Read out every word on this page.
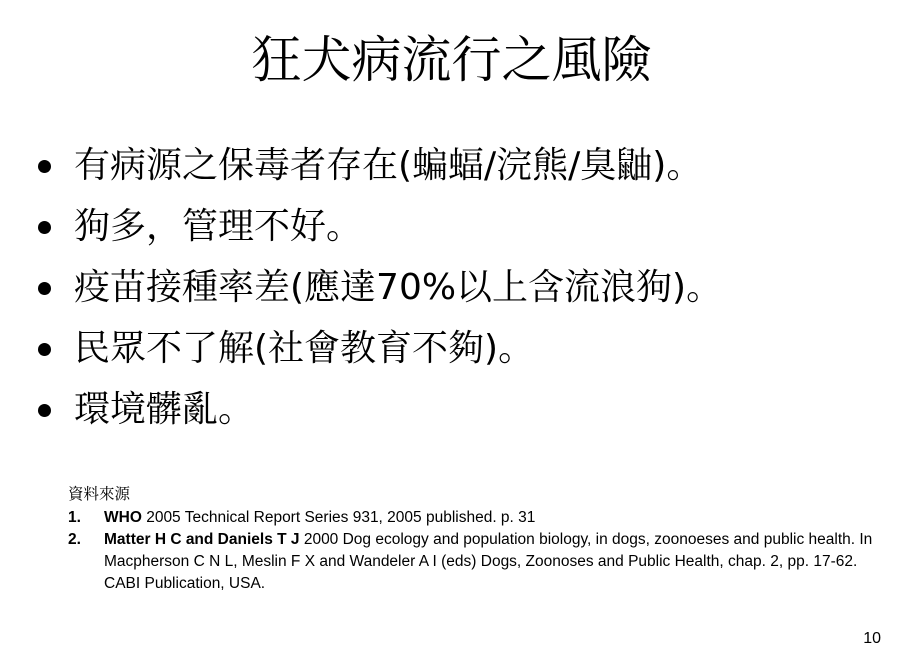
狂犬病流行之風險
有病源之保毒者存在(蝙蝠/浣熊/臭鼬)。
狗多，管理不好。
疫苗接種率差(應達70%以上含流浪狗)。
民眾不了解(社會教育不夠)。
環境髒亂。
資料來源
1. WHO 2005 Technical Report Series 931, 2005 published. p. 31
2. Matter H C and Daniels T J 2000 Dog ecology and population biology, in dogs, zoonoeses and public health. In Macpherson C N L, Meslin F X and Wandeler A I (eds) Dogs, Zoonoses and Public Health, chap. 2, pp. 17-62. CABI Publication, USA.
10
